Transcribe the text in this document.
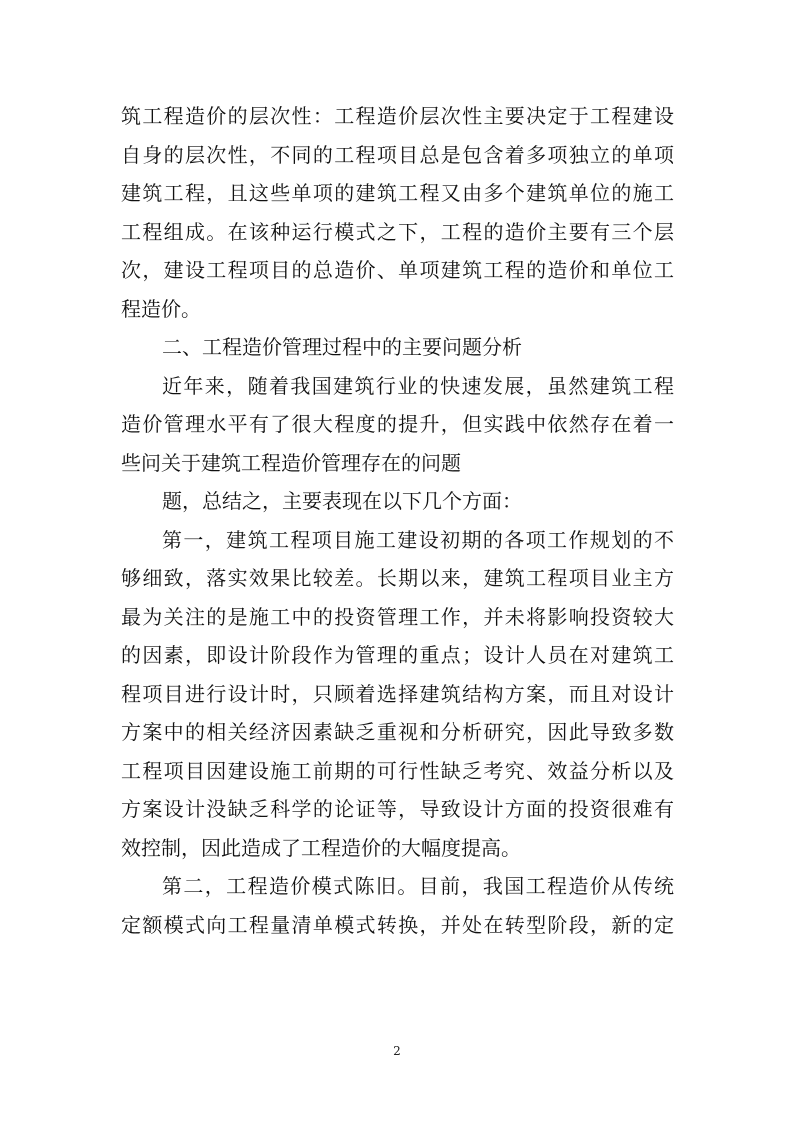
筑工程造价的层次性：工程造价层次性主要决定于工程建设
自身的层次性，不同的工程项目总是包含着多项独立的单项
建筑工程，且这些单项的建筑工程又由多个建筑单位的施工
工程组成。在该种运行模式之下，工程的造价主要有三个层
次，建设工程项目的总造价、单项建筑工程的造价和单位工
程造价。
二、工程造价管理过程中的主要问题分析
近年来，随着我国建筑行业的快速发展，虽然建筑工程
造价管理水平有了很大程度的提升，但实践中依然存在着一
些问关于建筑工程造价管理存在的问题
题，总结之，主要表现在以下几个方面：
第一，建筑工程项目施工建设初期的各项工作规划的不
够细致，落实效果比较差。长期以来，建筑工程项目业主方
最为关注的是施工中的投资管理工作，并未将影响投资较大
的因素，即设计阶段作为管理的重点；设计人员在对建筑工
程项目进行设计时，只顾着选择建筑结构方案，而且对设计
方案中的相关经济因素缺乏重视和分析研究，因此导致多数
工程项目因建设施工前期的可行性缺乏考究、效益分析以及
方案设计没缺乏科学的论证等，导致设计方面的投资很难有
效控制，因此造成了工程造价的大幅度提高。
第二，工程造价模式陈旧。目前，我国工程造价从传统
定额模式向工程量清单模式转换，并处在转型阶段，新的定
2
